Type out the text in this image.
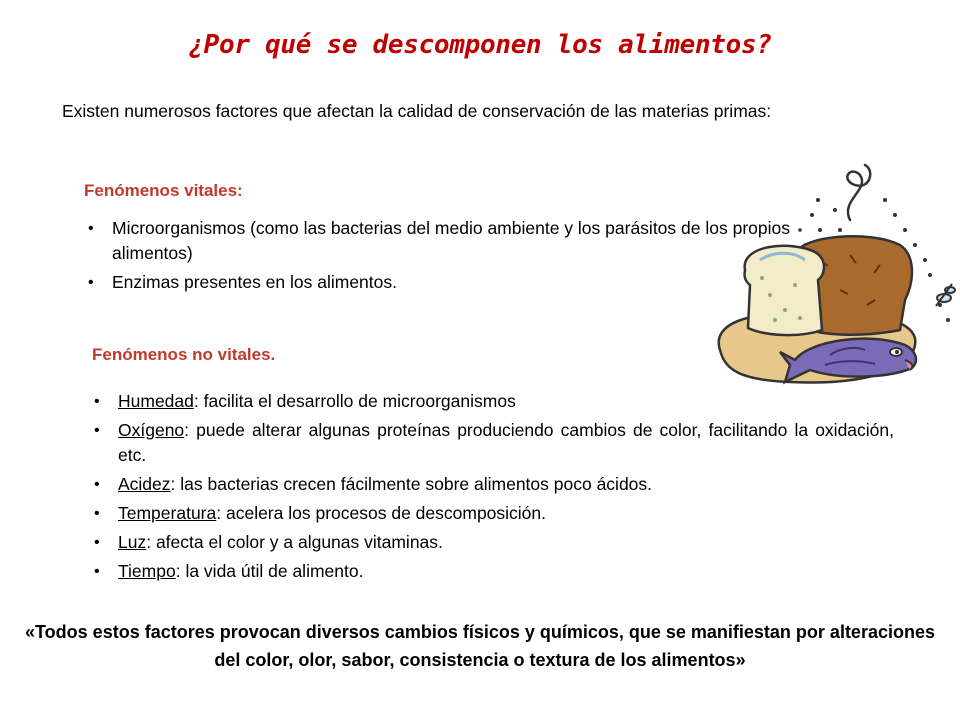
¿Por qué se descomponen los alimentos?
Existen numerosos factores que afectan la calidad de conservación de las materias primas:
Fenómenos vitales:
• Microorganismos (como las bacterias del medio ambiente y los parásitos de los propios alimentos)
• Enzimas presentes en los alimentos.
Fenómenos no vitales.
• Humedad: facilita el desarrollo de microorganismos
• Oxígeno: puede alterar algunas proteínas produciendo cambios de color, facilitando la oxidación, etc.
• Acidez: las bacterias crecen fácilmente sobre alimentos poco ácidos.
• Temperatura: acelera los procesos de descomposición.
• Luz: afecta el color y a algunas vitaminas.
• Tiempo: la vida útil de alimento.
«Todos estos factores provocan diversos cambios físicos y químicos, que se manifiestan por alteraciones del color, olor, sabor, consistencia o textura de los alimentos»
